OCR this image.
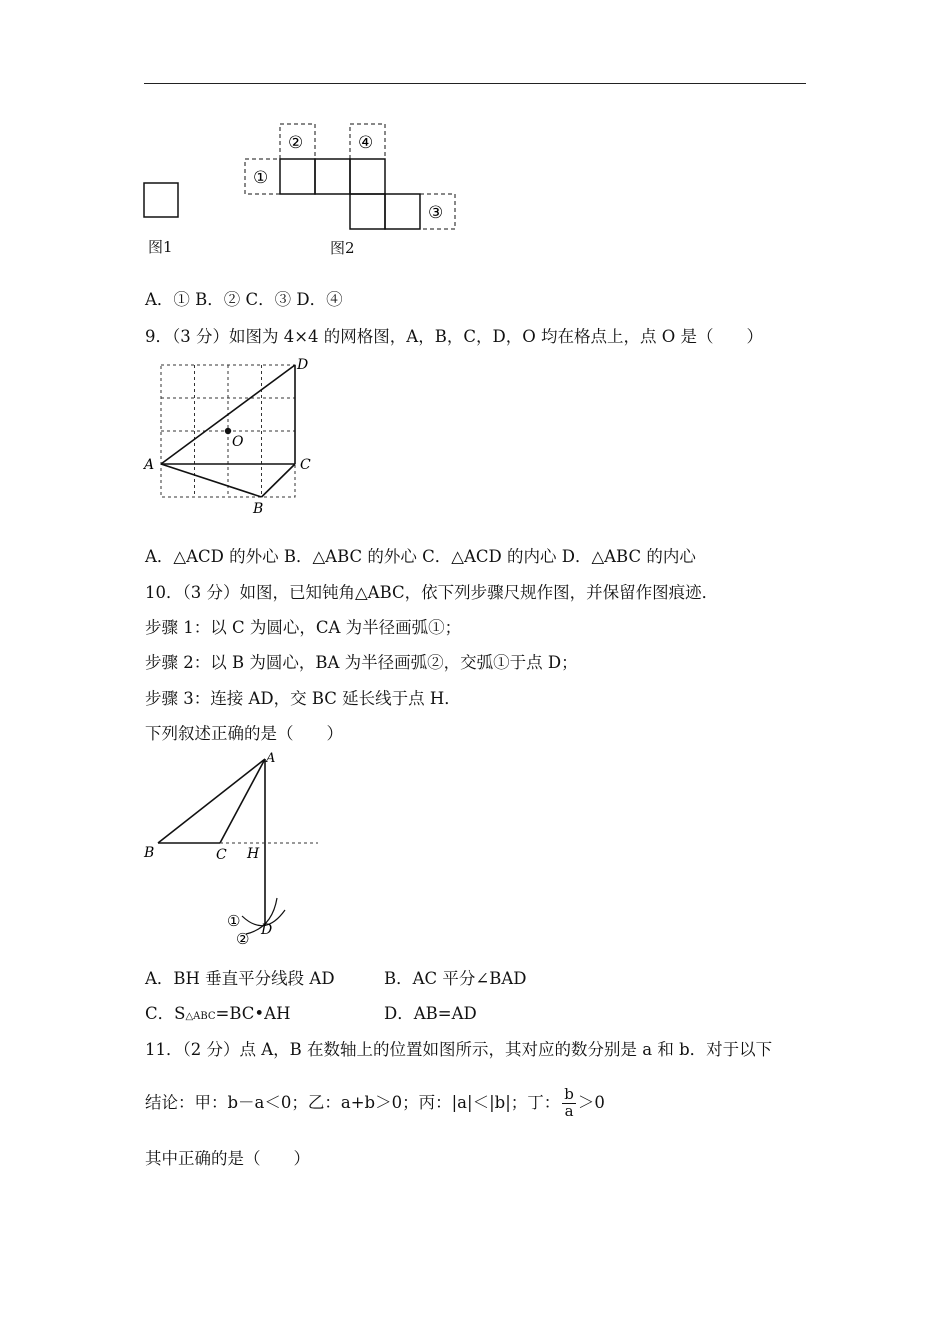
①
②
③
④
图1	图2
A．① B．② C．③ D．④
9．（3 分）如图为 4×4 的网格图，A，B，C，D，O 均在格点上，点 O 是（　　）
A
B
C
D
O
A．△ACD 的外心 B．△ABC 的外心 C．△ACD 的内心 D．△ABC 的内心
10．（3 分）如图，已知钝角△ABC，依下列步骤尺规作图，并保留作图痕迹．
步骤 1：以 C 为圆心，CA 为半径画弧①；
步骤 2：以 B 为圆心，BA 为半径画弧②，交弧①于点 D；
步骤 3：连接 AD，交 BC 延长线于点 H．
下列叙述正确的是（　　）
A
B	C H
D
①
②
A．BH 垂直平分线段 AD	B．AC 平分∠BAD
C．S△ABC=BC•AH	D．AB=AD
11．（2 分）点 A，B 在数轴上的位置如图所示，其对应的数分别是 a 和 b．对于以下
结论：甲：b－a＜0；乙：a+b＞0；丙：|a|＜|b|；丁： $\frac{b}{a} >0$
其中正确的是（　　）
